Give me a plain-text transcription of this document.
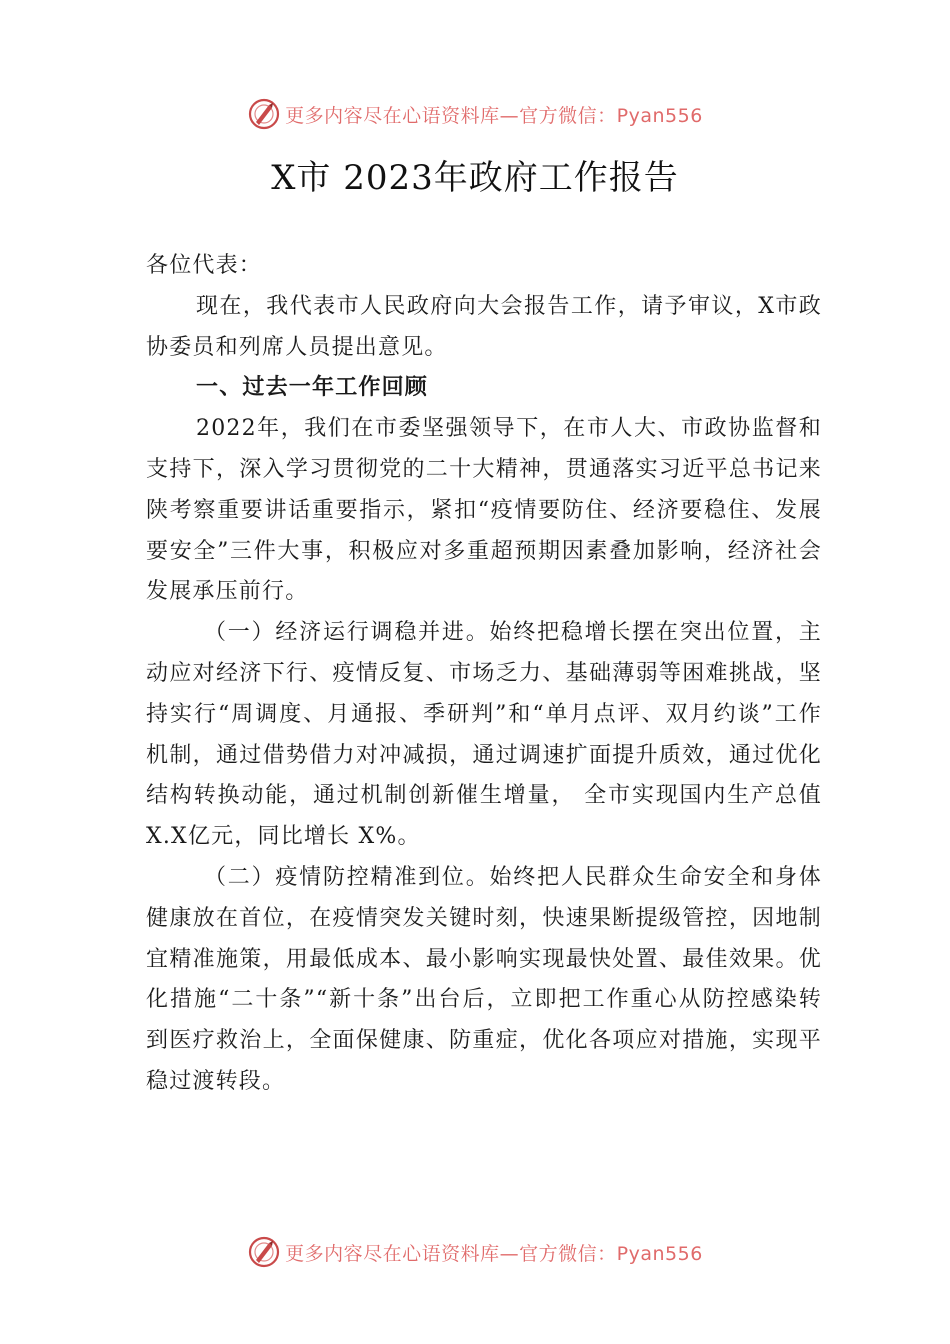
更多内容尽在心语资料库—官方微信：Pyan556
X市 2023年政府工作报告

各位代表：

现在，我代表市人民政府向大会报告工作，请予审议，X市政协委员和列席人员提出意见。

一、过去一年工作回顾

2022年，我们在市委坚强领导下，在市人大、市政协监督和支持下，深入学习贯彻党的二十大精神，贯通落实习近平总书记来陕考察重要讲话重要指示，紧扣“疫情要防住、经济要稳住、发展要安全”三件大事，积极应对多重超预期因素叠加影响，经济社会发展承压前行。

（一）经济运行调稳并进。始终把稳增长摆在突出位置，主动应对经济下行、疫情反复、市场乏力、基础薄弱等困难挑战，坚持实行“周调度、月通报、季研判”和“单月点评、双月约谈”工作机制，通过借势借力对冲减损，通过调速扩面提升质效，通过优化结构转换动能，通过机制创新催生增量， 全市实现国内生产总值 X.X亿元，同比增长 X%。

（二）疫情防控精准到位。始终把人民群众生命安全和身体健康放在首位，在疫情突发关键时刻，快速果断提级管控，因地制宜精准施策，用最低成本、最小影响实现最快处置、最佳效果。优化措施“二十条”“新十条”出台后，立即把工作重心从防控感染转到医疗救治上，全面保健康、防重症，优化各项应对措施，实现平稳过渡转段。

更多内容尽在心语资料库—官方微信：Pyan556
